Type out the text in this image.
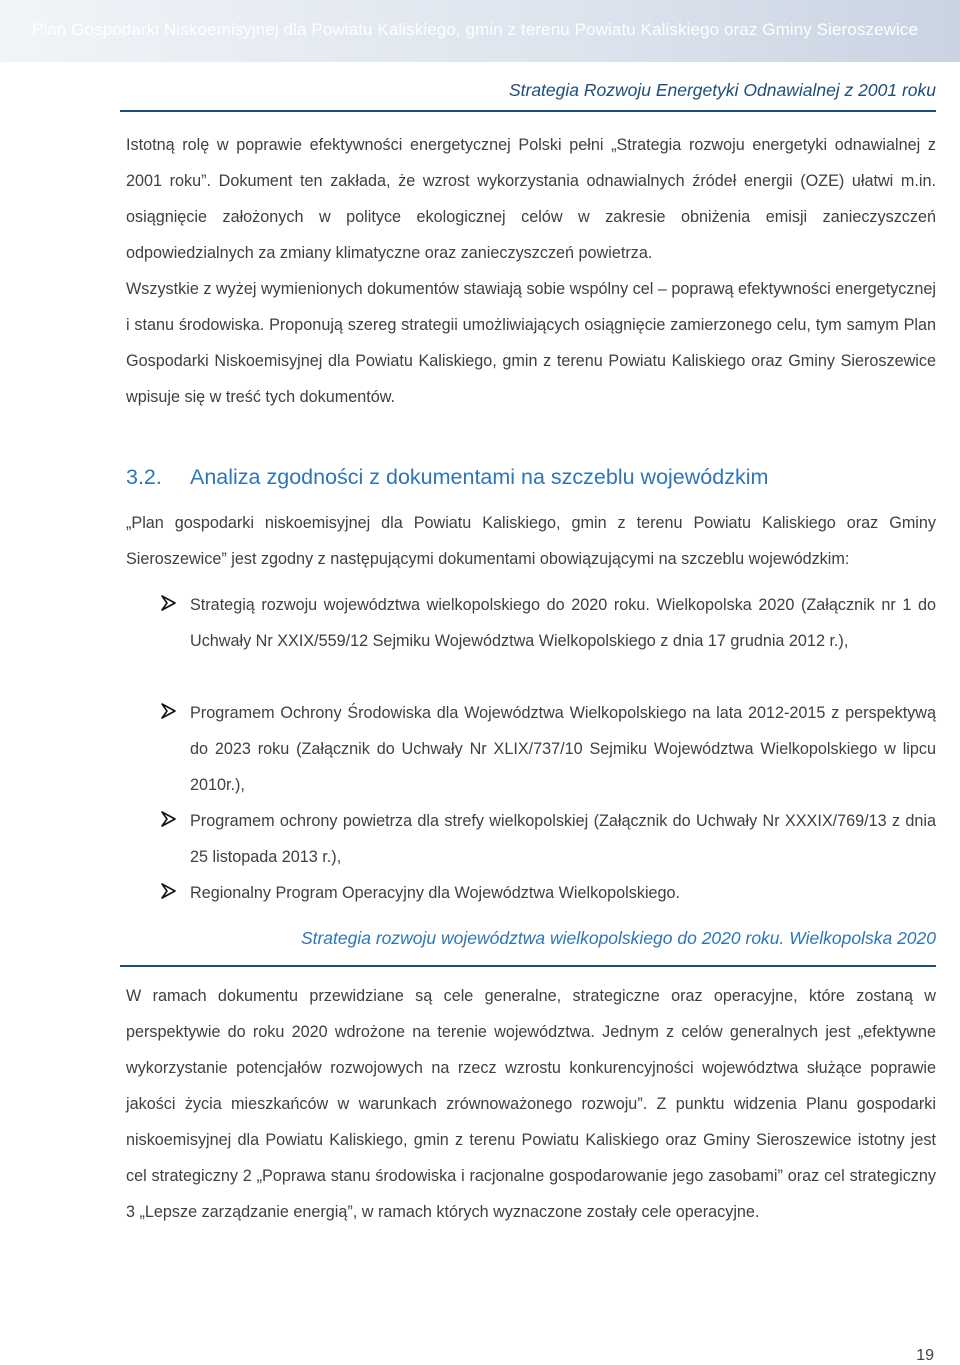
Plan Gospodarki Niskoemisyjnej dla Powiatu Kaliskiego, gmin z terenu Powiatu Kaliskiego oraz Gminy Sieroszewice
Strategia Rozwoju Energetyki Odnawialnej z 2001 roku

Istotną rolę w poprawie efektywności energetycznej Polski pełni „Strategia rozwoju energetyki odnawialnej z 2001 roku”. Dokument ten zakłada, że wzrost wykorzystania odnawialnych źródeł energii (OZE) ułatwi m.in. osiągnięcie założonych w polityce ekologicznej celów w zakresie obniżenia emisji zanieczyszczeń odpowiedzialnych za zmiany klimatyczne oraz zanieczyszczeń powietrza.

Wszystkie z wyżej wymienionych dokumentów stawiają sobie wspólny cel – poprawą efektywności energetycznej i stanu środowiska. Proponują szereg strategii umożliwiających osiągnięcie zamierzonego celu, tym samym Plan Gospodarki Niskoemisyjnej dla Powiatu Kaliskiego, gmin z terenu Powiatu Kaliskiego oraz Gminy Sieroszewice wpisuje się w treść tych dokumentów.

3.2. Analiza zgodności z dokumentami na szczeblu wojewódzkim

„Plan gospodarki niskoemisyjnej dla Powiatu Kaliskiego, gmin z terenu Powiatu Kaliskiego oraz Gminy Sieroszewice” jest zgodny z następującymi dokumentami obowiązującymi na szczeblu wojewódzkim:

Strategią rozwoju województwa wielkopolskiego do 2020 roku. Wielkopolska 2020 (Załącznik nr 1 do Uchwały Nr XXIX/559/12 Sejmiku Województwa Wielkopolskiego z dnia 17 grudnia 2012 r.),

Programem Ochrony Środowiska dla Województwa Wielkopolskiego na lata 2012-2015 z perspektywą do 2023 roku (Załącznik do Uchwały Nr XLIX/737/10 Sejmiku Województwa Wielkopolskiego w lipcu 2010r.),

Programem ochrony powietrza dla strefy wielkopolskiej (Załącznik do Uchwały Nr XXXIX/769/13 z dnia 25 listopada 2013 r.),

Regionalny Program Operacyjny dla Województwa Wielkopolskiego.

Strategia rozwoju województwa wielkopolskiego do 2020 roku. Wielkopolska 2020

W ramach dokumentu przewidziane są cele generalne, strategiczne oraz operacyjne, które zostaną w perspektywie do roku 2020 wdrożone na terenie województwa. Jednym z celów generalnych jest „efektywne wykorzystanie potencjałów rozwojowych na rzecz wzrostu konkurencyjności województwa służące poprawie jakości życia mieszkańców w warunkach zrównoważonego rozwoju”. Z punktu widzenia Planu gospodarki niskoemisyjnej dla Powiatu Kaliskiego, gmin z terenu Powiatu Kaliskiego oraz Gminy Sieroszewice istotny jest cel strategiczny 2 „Poprawa stanu środowiska i racjonalne gospodarowanie jego zasobami” oraz cel strategiczny 3 „Lepsze zarządzanie energią”, w ramach których wyznaczone zostały cele operacyjne.

19
